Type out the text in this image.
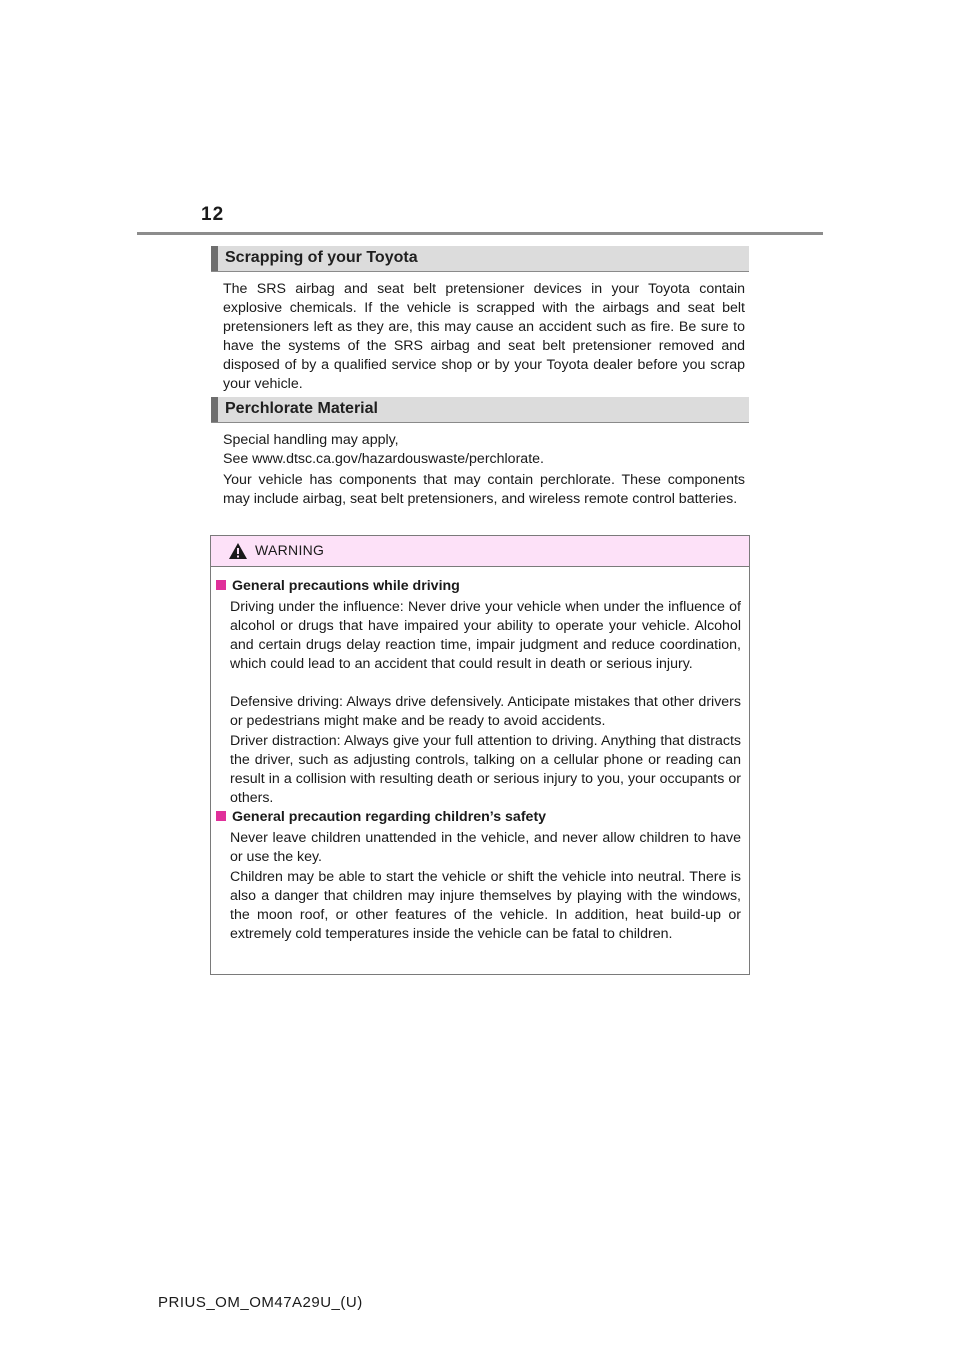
12
Scrapping of your Toyota

The SRS airbag and seat belt pretensioner devices in your Toyota contain explosive chemicals. If the vehicle is scrapped with the airbags and seat belt pretensioners left as they are, this may cause an accident such as fire. Be sure to have the systems of the SRS airbag and seat belt pretensioner removed and disposed of by a qualified service shop or by your Toyota dealer before you scrap your vehicle.

Perchlorate Material

Special handling may apply,

See www.dtsc.ca.gov/hazardouswaste/perchlorate.

Your vehicle has components that may contain perchlorate. These components may include airbag, seat belt pretensioners, and wireless remote control batteries.

WARNING
General precautions while driving

Driving under the influence: Never drive your vehicle when under the influence of alcohol or drugs that have impaired your ability to operate your vehicle. Alcohol and certain drugs delay reaction time, impair judgment and reduce coordination, which could lead to an accident that could result in death or serious injury.

Defensive driving: Always drive defensively. Anticipate mistakes that other drivers or pedestrians might make and be ready to avoid accidents.

Driver distraction: Always give your full attention to driving. Anything that distracts the driver, such as adjusting controls, talking on a cellular phone or reading can result in a collision with resulting death or serious injury to you, your occupants or others.

General precaution regarding children’s safety

Never leave children unattended in the vehicle, and never allow children to have or use the key.

Children may be able to start the vehicle or shift the vehicle into neutral. There is also a danger that children may injure themselves by playing with the windows, the moon roof, or other features of the vehicle. In addition, heat build-up or extremely cold temperatures inside the vehicle can be fatal to children.

PRIUS_OM_OM47A29U_(U)
